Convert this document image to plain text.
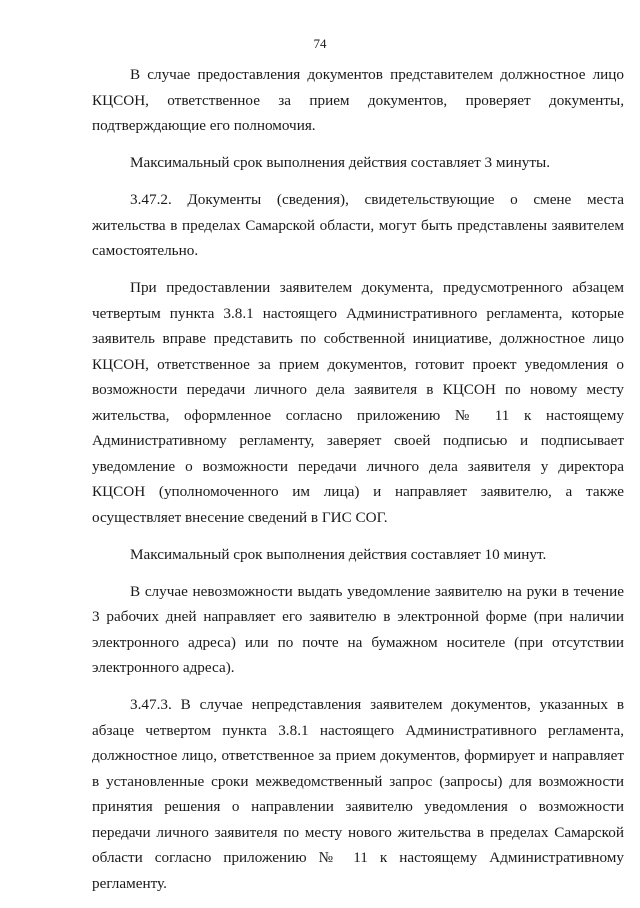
74

В случае предоставления документов представителем должностное лицо КЦСОН, ответственное за прием документов, проверяет документы, подтверждающие его полномочия.

Максимальный срок выполнения действия составляет 3 минуты.

3.47.2. Документы (сведения), свидетельствующие о смене места жительства в пределах Самарской области, могут быть представлены заявителем самостоятельно.

При предоставлении заявителем документа, предусмотренного абзацем четвертым пункта 3.8.1 настоящего Административного регламента, которые заявитель вправе представить по собственной инициативе, должностное лицо КЦСОН, ответственное за прием документов, готовит проект уведомления о возможности передачи личного дела заявителя в КЦСОН по новому месту жительства, оформленное согласно приложению № 11 к настоящему Административному регламенту, заверяет своей подписью и подписывает уведомление о возможности передачи личного дела заявителя у директора КЦСОН (уполномоченного им лица) и направляет заявителю, а также осуществляет внесение сведений в ГИС СОГ.

Максимальный срок выполнения действия составляет 10 минут.

В случае невозможности выдать уведомление заявителю на руки в течение 3 рабочих дней направляет его заявителю в электронной форме (при наличии электронного адреса) или по почте на бумажном носителе (при отсутствии электронного адреса).

3.47.3. В случае непредставления заявителем документов, указанных в абзаце четвертом пункта 3.8.1 настоящего Административного регламента, должностное лицо, ответственное за прием документов, формирует и направляет в установленные сроки межведомственный запрос (запросы) для возможности принятия решения о направлении заявителю уведомления о возможности передачи личного заявителя по месту нового жительства в пределах Самарской области согласно приложению № 11 к настоящему Административному регламенту.
